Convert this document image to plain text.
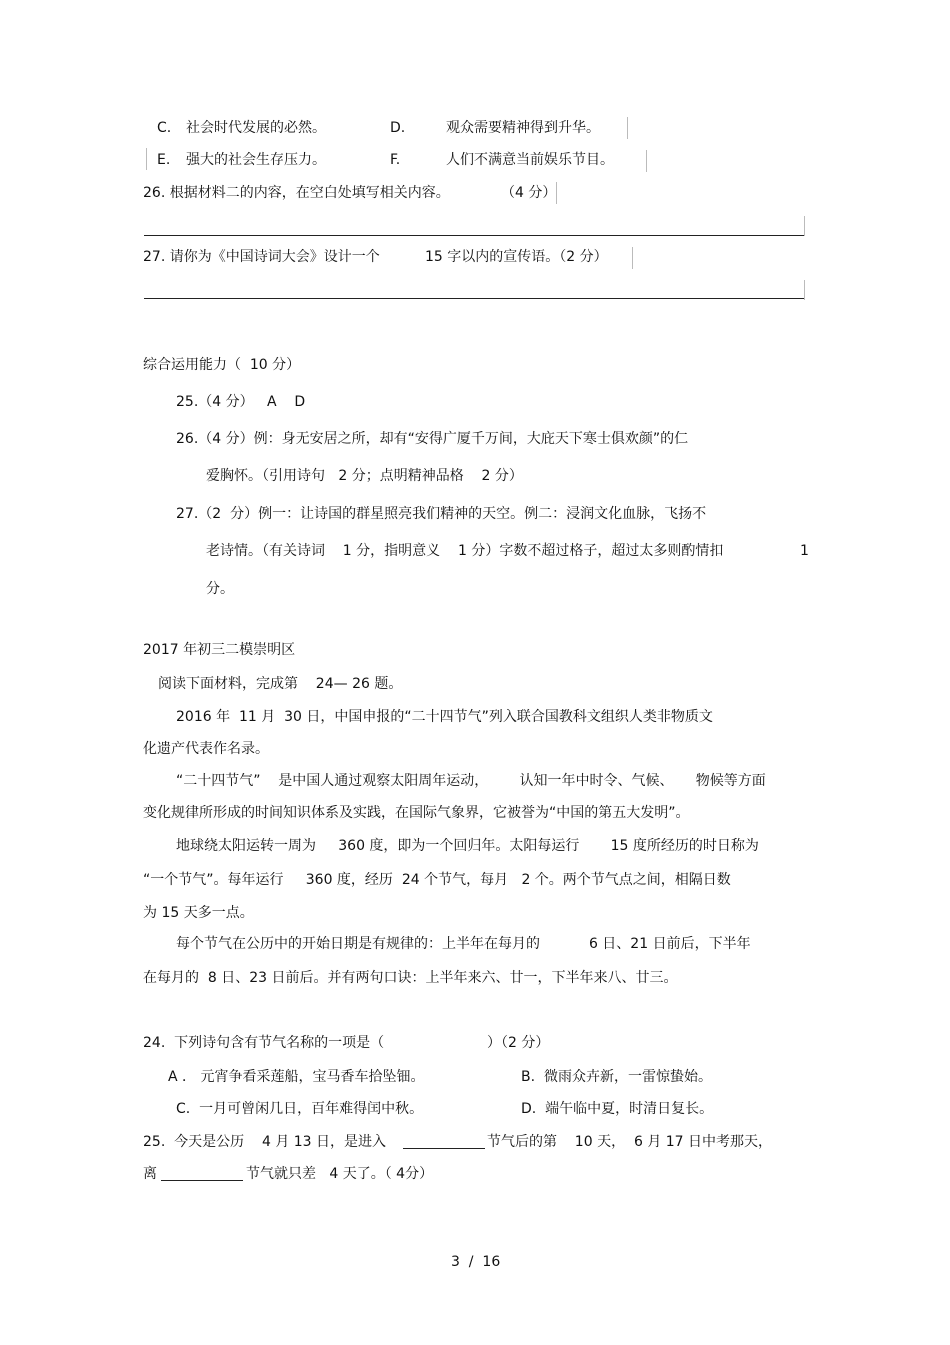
C. 社会时代发展的必然。	D.	观众需要精神得到升华。
E. 强大的社会生存压力。	F.	人们不满意当前娱乐节目。
26. 根据材料二的内容，在空白处填写相关内容。	（4 分）
27. 请你为《中国诗词大会》设计一个	15 字以内的宣传语。（2 分）
综合运用能力（  10 分）
25.（4 分）   A    D
26.（4 分）例：身无安居之所，却有“安得广厦千万间，大庇天下寒士俱欢颜”的仁
爱胸怀。（引用诗句   2 分；点明精神品格    2 分）
27.（2  分）例一：让诗国的群星照亮我们精神的天空。例二：浸润文化血脉，飞扬不
老诗情。（有关诗词    1 分，指明意义    1 分）字数不超过格子，超过太多则酌情扣	1
分。
2017 年初三二模崇明区
阅读下面材料，完成第    24— 26 题。
2016 年  11 月  30 日，中国申报的“二十四节气”列入联合国教科文组织人类非物质文
化遗产代表作名录。
“二十四节气”    是中国人通过观察太阳周年运动，       认知一年中时令、气候、     物候等方面
变化规律所形成的时间知识体系及实践，在国际气象界，它被誉为“中国的第五大发明”。
地球绕太阳运转一周为     360 度，即为一个回归年。太阳每运行       15 度所经历的时日称为
“一个节气”。每年运行     360 度，经历  24 个节气，每月   2 个。两个节气点之间，相隔日数
为 15 天多一点。
每个节气在公历中的开始日期是有规律的：上半年在每月的           6 日、21 日前后，下半年
在每月的  8 日、23 日前后。并有两句口诀：上半年来六、廿一，下半年来八、廿三。
24.  下列诗句含有节气名称的一项是（	）（2 分）
A ． 元宵争看采莲船，宝马香车拾坠钿。	B.  微雨众卉新，一雷惊蛰始。
C.  一月可曾闲几日，百年难得闰中秋。	D.  端午临中夏，时清日复长。
25.  今天是公历    4 月 13 日，是进入	节气后的第    10 天，  6 月 17 日中考那天，
离	节气就只差   4 天了。（ 4分）
3  /  16
